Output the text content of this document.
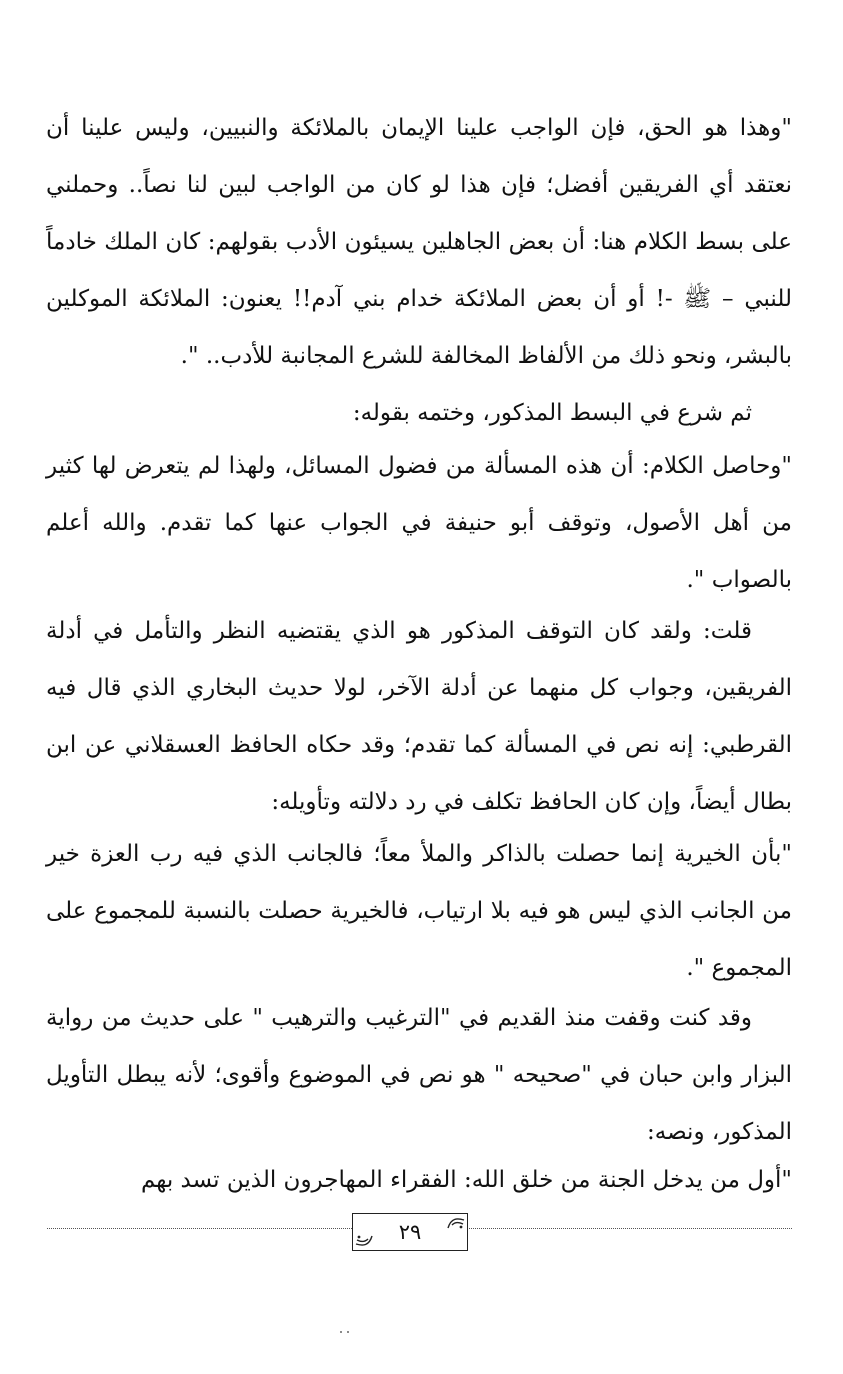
"وهذا هو الحق، فإن الواجب علينا الإيمان بالملائكة والنبيين، وليس علينا أن نعتقد أي الفريقين أفضل؛ فإن هذا لو كان من الواجب لبين لنا نصاً.. وحملني على بسط الكلام هنا: أن بعض الجاهلين يسيئون الأدب بقولهم: كان الملك خادماً للنبي – ﷺ -! أو أن بعض الملائكة خدام بني آدم!! يعنون: الملائكة الموكلين بالبشر، ونحو ذلك من الألفاظ المخالفة للشرع المجانبة للأدب.. ".

ثم شرع في البسط المذكور، وختمه بقوله:

"وحاصل الكلام: أن هذه المسألة من فضول المسائل، ولهذا لم يتعرض لها كثير من أهل الأصول، وتوقف أبو حنيفة في الجواب عنها كما تقدم. والله أعلم بالصواب ".

قلت: ولقد كان التوقف المذكور هو الذي يقتضيه النظر والتأمل في أدلة الفريقين، وجواب كل منهما عن أدلة الآخر، لولا حديث البخاري الذي قال فيه القرطبي: إنه نص في المسألة كما تقدم؛ وقد حكاه الحافظ العسقلاني عن ابن بطال أيضاً، وإن كان الحافظ تكلف في رد دلالته وتأويله:

"بأن الخيرية إنما حصلت بالذاكر والملأ معاً؛ فالجانب الذي فيه رب العزة خير من الجانب الذي ليس هو فيه بلا ارتياب، فالخيرية حصلت بالنسبة للمجموع على المجموع ".

وقد كنت وقفت منذ القديم في "الترغيب والترهيب " على حديث من رواية البزار وابن حبان في "صحيحه " هو نص في الموضوع وأقوى؛ لأنه يبطل التأويل المذكور، ونصه:

"أول من يدخل الجنة من خلق الله: الفقراء المهاجرون الذين تسد بهم

٢٩
